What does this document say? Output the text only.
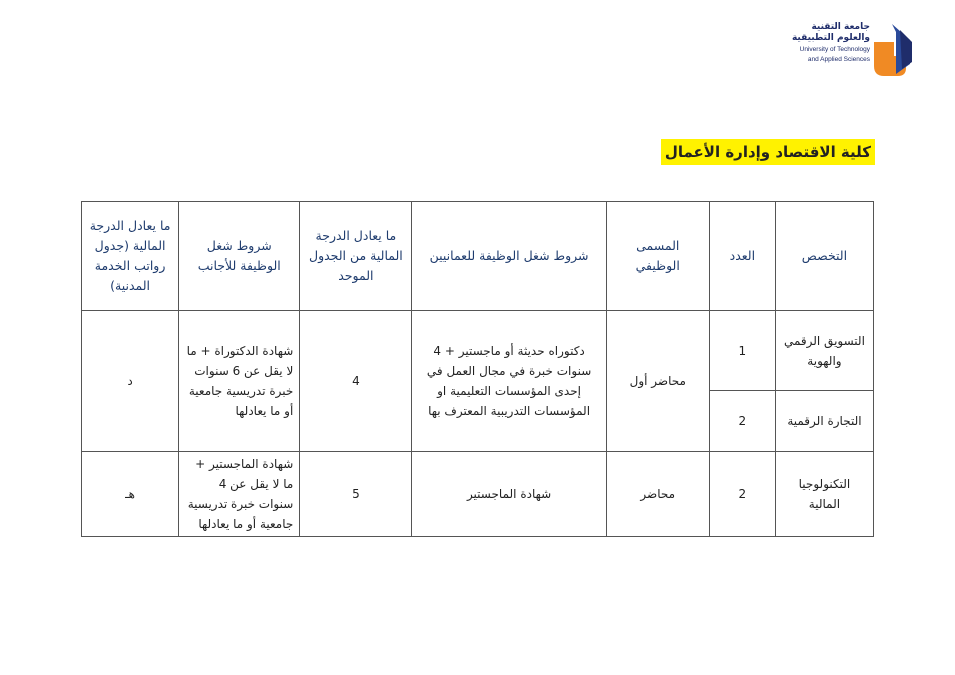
جامعة التقنية
والعلوم التطبيقية
University of Technology
and Applied Sciences
كلية الاقتصاد وإدارة الأعمال
التخصص	العدد	المسمى
الوظيفي	شروط شغل الوظيفة للعمانيين	ما يعادل الدرجة
المالية من الجدول
الموحد	شروط شغل
الوظيفة للأجانب	ما يعادل الدرجة
المالية (جدول
رواتب الخدمة
المدنية)
التسويق الرقمي
والهوية	1	محاضر أول	دكتوراه حديثة أو ماجستير + 4
سنوات خبرة في مجال العمل في
إحدى المؤسسات التعليمية او
المؤسسات التدريبية المعترف بها	4	شهادة الدكتوراة + ما
لا يقل عن 6 سنوات
خبرة تدريسية جامعية
أو ما يعادلها	د
التجارة الرقمية	2					
التكنولوجيا
المالية	2	محاضر	شهادة الماجستير	5	شهادة الماجستير +
ما لا يقل عن 4
سنوات خبرة تدريسية
جامعية أو ما يعادلها	هـ
